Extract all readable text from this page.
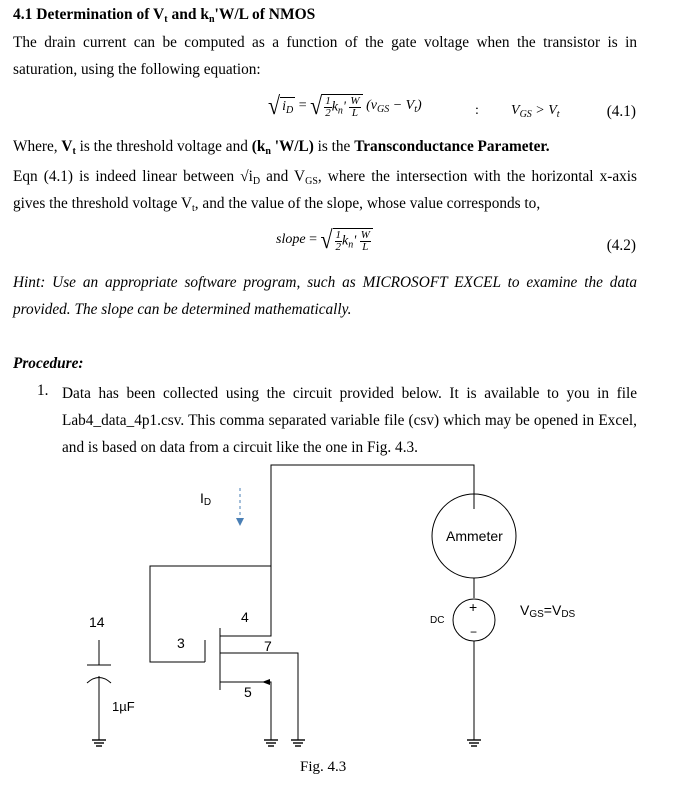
4.1 Determination of $V_t$ and $k_n'W/L$ of NMOS
The drain current can be computed as a function of the gate voltage when the transistor is in saturation, using the following equation:
√ $i_D$ = √ $\frac{1}{2} k_n' \frac{W}{L} (v_{GS} - V_t)$	: $V_{GS} > V_t$	(4.1)
Where, $V_t$ is the threshold voltage and ($k_n$ 'W/L) is the Transconductance Parameter.
Eqn (4.1) is indeed linear between $√i_D$ and $V_{GS}$, where the intersection with the horizontal x-axis gives the threshold voltage $V_t$, and the value of the slope, whose value corresponds to,
slope = √ $\frac{1}{2} k_n' \frac{W}{L}$	(4.2)
Hint: Use an appropriate software program, such as MICROSOFT EXCEL to examine the data provided. The slope can be determined mathematically.
Procedure:
1. Data has been collected using the circuit provided below. It is available to you in file Lab4_data_4p1.csv. This comma separated variable file (csv) which may be opened in Excel, and is based on data from a circuit like the one in Fig. 4.3.
ID
Ammeter
DC
+
−
VGS=VDS
14
3
4
7
5
1µF
Fig. 4.3
